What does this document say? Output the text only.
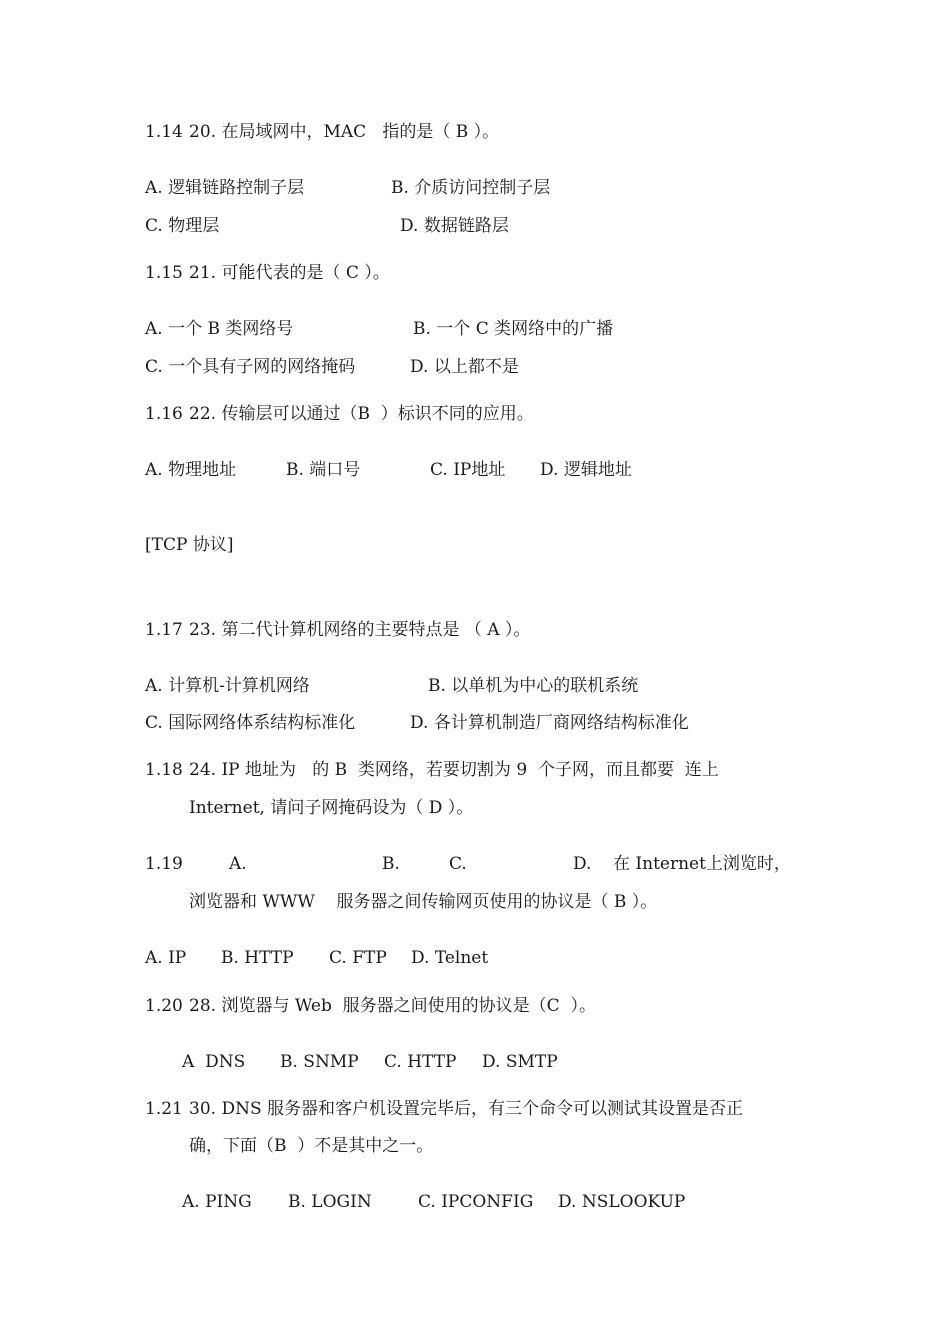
1.14 20. 在局域网中，MAC   指的是（ B ）。
A. 逻辑链路控制子层	B. 介质访问控制子层
C. 物理层	D. 数据链路层
1.15 21. 可能代表的是（ C ）。
A. 一个 B 类网络号	B. 一个 C 类网络中的广播
C. 一个具有子网的网络掩码	D. 以上都不是
1.16 22. 传输层可以通过（B  ）标识不同的应用。
A. 物理地址	B. 端口号	C. IP地址 D. 逻辑地址
[TCP 协议]
1.17 23. 第二代计算机网络的主要特点是 （ A ）。
A. 计算机-计算机网络	B. 以单机为中心的联机系统
C. 国际网络体系结构标准化	D. 各计算机制造厂商网络结构标准化
1.18 24. IP 地址为   的 B  类网络，若要切割为 9  个子网，而且都要  连上
Internet, 请问子网掩码设为（ D ）。
1.19	A.	B.	C.	D. 在 Internet上浏览时，
浏览器和 WWW    服务器之间传输网页使用的协议是（ B ）。
A. IP B. HTTP C. FTP D. Telnet
1.20 28. 浏览器与 Web  服务器之间使用的协议是（C  ）。
A  DNS B. SNMP C. HTTP D. SMTP
1.21 30. DNS 服务器和客户机设置完毕后，有三个命令可以测试其设置是否正
确，下面（B  ）不是其中之一。
A. PING B. LOGIN	C. IPCONFIG D. NSLOOKUP
